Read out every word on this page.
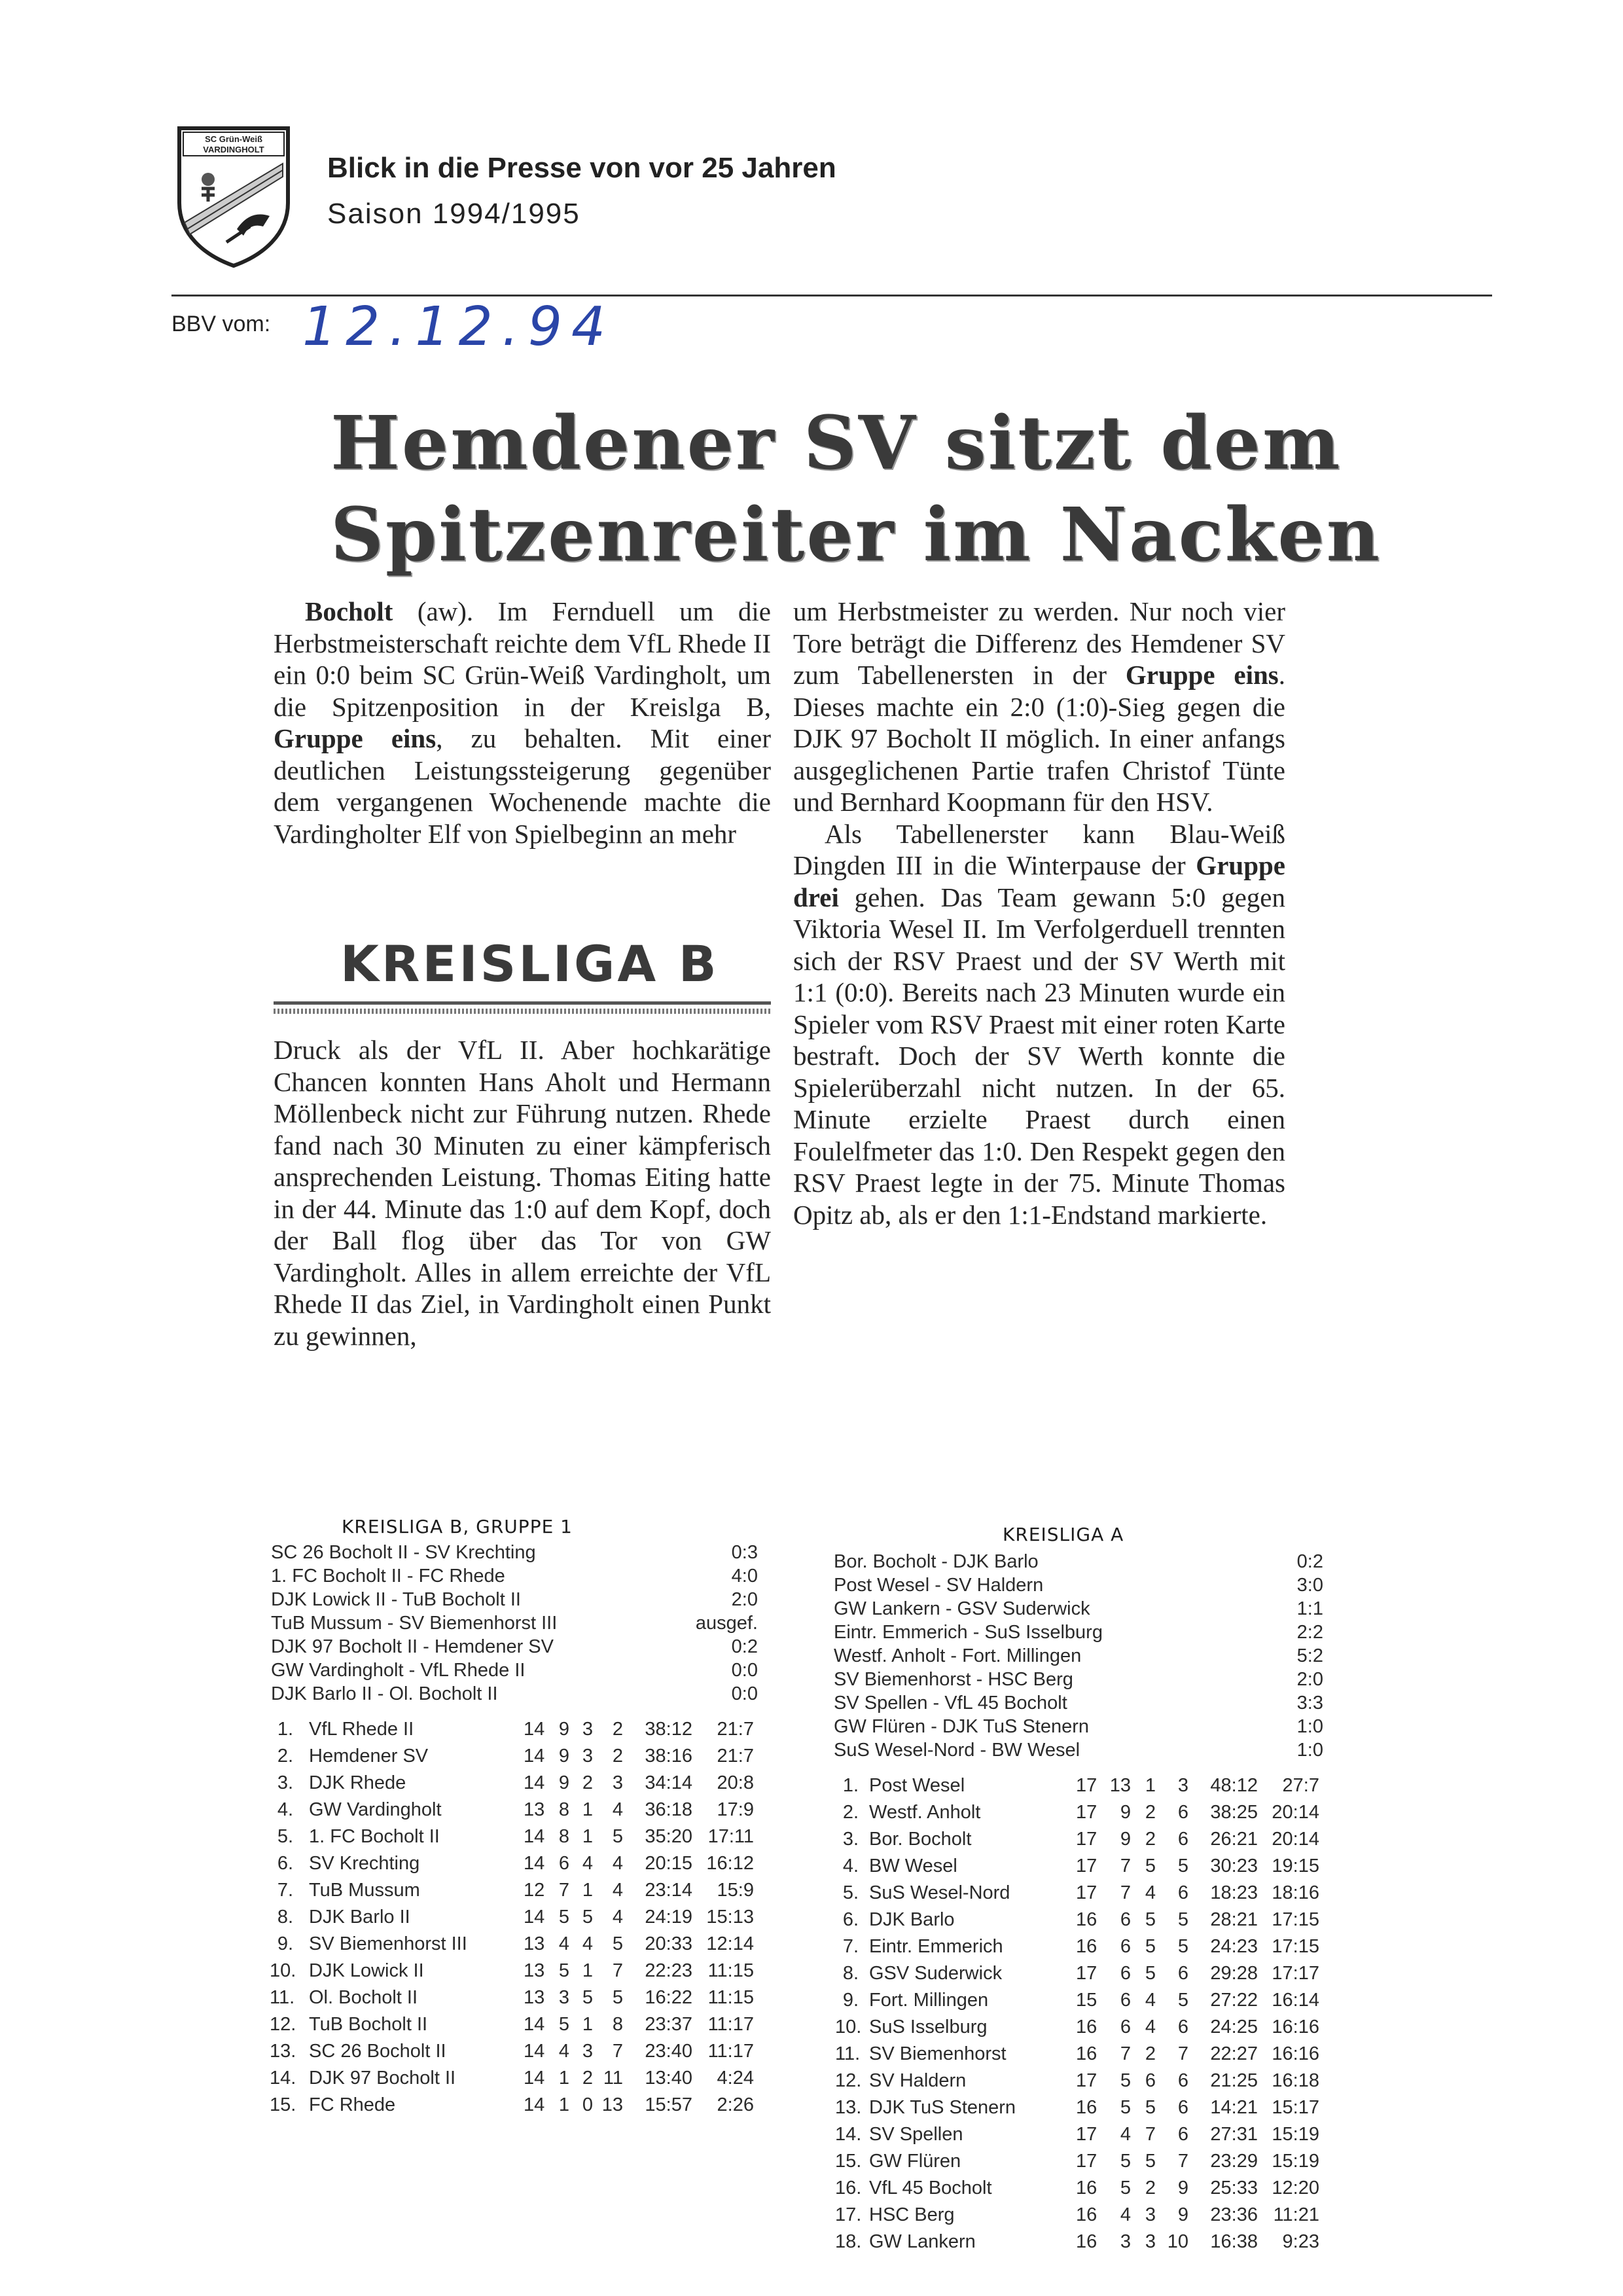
SC Grün-Weiß
VARDINGHOLT
Blick in die Presse von vor 25 Jahren
Saison 1994/1995
BBV vom: 12.12.94
Hemdener SV sitzt dem
Spitzenreiter im Nacken

Bocholt (aw). Im Fernduell um die Herbstmeisterschaft reichte dem VfL Rhede II ein 0:0 beim SC Grün-Weiß Vardingholt, um die Spitzenposition in der Kreislga B, Gruppe eins, zu behalten. Mit einer deutlichen Leistungssteigerung gegenüber dem vergangenen Wochenende machte die Vardingholter Elf von Spielbeginn an mehr

KREISLIGA B

Druck als der VfL II. Aber hochkarätige Chancen konnten Hans Aholt und Hermann Möllenbeck nicht zur Führung nutzen. Rhede fand nach 30 Minuten zu einer kämpferisch ansprechenden Leistung. Thomas Eiting hatte in der 44. Minute das 1:0 auf dem Kopf, doch der Ball flog über das Tor von GW Vardingholt. Alles in allem erreichte der VfL Rhede II das Ziel, in Vardingholt einen Punkt zu gewinnen,

um Herbstmeister zu werden. Nur noch vier Tore beträgt die Differenz des Hemdener SV zum Tabellenersten in der Gruppe eins. Dieses machte ein 2:0 (1:0)-Sieg gegen die DJK 97 Bocholt II möglich. In einer anfangs ausgeglichenen Partie trafen Christof Tünte und Bernhard Koopmann für den HSV.

Als Tabellenerster kann Blau-Weiß Dingden III in die Winterpause der Gruppe drei gehen. Das Team gewann 5:0 gegen Viktoria Wesel II. Im Verfolgerduell trennten sich der RSV Praest und der SV Werth mit 1:1 (0:0). Bereits nach 23 Minuten wurde ein Spieler vom RSV Praest mit einer roten Karte bestraft. Doch der SV Werth konnte die Spielerüberzahl nicht nutzen. In der 65. Minute erzielte Praest durch einen Foulelfmeter das 1:0. Den Respekt gegen den RSV Praest legte in der 75. Minute Thomas Opitz ab, als er den 1:1-Endstand markierte.

KREISLIGA B, GRUPPE 1
SC 26 Bocholt II - SV Krechting	0:3
1. FC Bocholt II - FC Rhede	4:0
DJK Lowick II - TuB Bocholt II	2:0
TuB Mussum - SV Biemenhorst III	ausgef.
DJK 97 Bocholt II - Hemdener SV	0:2
GW Vardingholt - VfL Rhede II	0:0
DJK Barlo II - Ol. Bocholt II	0:0
1. VfL Rhede II	14 9 3	2	38:12	21:7
2. Hemdener SV	14 9 3	2	38:16	21:7
3. DJK Rhede	14 9 2	3	34:14	20:8
4. GW Vardingholt	13 8 1	4	36:18	17:9
5. 1. FC Bocholt II	14 8 1	5	35:20 17:11
6. SV Krechting	14 6 4	4	20:15 16:12
7. TuB Mussum	12 7 1	4	23:14	15:9
8. DJK Barlo II	14 5 5	4	24:19 15:13
9. SV Biemenhorst III	13 4 4	5	20:33 12:14
10. DJK Lowick II	13 5 1	7	22:23 11:15
11. Ol. Bocholt II	13 3 5	5	16:22 11:15
12. TuB Bocholt II	14 5 1	8	23:37 11:17
13. SC 26 Bocholt II	14 4 3	7	23:40 11:17
14. DJK 97 Bocholt II	14 1 2 11	13:40	4:24
15. FC Rhede	14 1 0 13	15:57	2:26
KREISLIGA A
Bor. Bocholt - DJK Barlo	0:2
Post Wesel - SV Haldern	3:0
GW Lankern - GSV Suderwick	1:1
Eintr. Emmerich - SuS Isselburg	2:2
Westf. Anholt - Fort. Millingen	5:2
SV Biemenhorst - HSC Berg	2:0
SV Spellen - VfL 45 Bocholt	3:3
GW Flüren - DJK TuS Stenern	1:0
SuS Wesel-Nord - BW Wesel	1:0
1. Post Wesel	17 13 1	3	48:12	27:7
2. Westf. Anholt	17	9 2	6	38:25 20:14
3. Bor. Bocholt	17	9 2	6	26:21 20:14
4. BW Wesel	17	7 5	5	30:23 19:15
5. SuS Wesel-Nord	17	7 4	6	18:23 18:16
6. DJK Barlo	16	6 5	5	28:21 17:15
7. Eintr. Emmerich	16	6 5	5	24:23 17:15
8. GSV Suderwick	17	6 5	6	29:28 17:17
9. Fort. Millingen	15	6 4	5	27:22 16:14
10. SuS Isselburg	16	6 4	6	24:25 16:16
11. SV Biemenhorst	16	7 2	7	22:27 16:16
12. SV Haldern	17	5 6	6	21:25 16:18
13. DJK TuS Stenern	16	5 5	6	14:21 15:17
14. SV Spellen	17	4 7	6	27:31 15:19
15. GW Flüren	17	5 5	7	23:29 15:19
16. VfL 45 Bocholt	16	5 2	9	25:33 12:20
17. HSC Berg	16	4 3	9	23:36 11:21
18. GW Lankern	16	3 3 10	16:38	9:23
